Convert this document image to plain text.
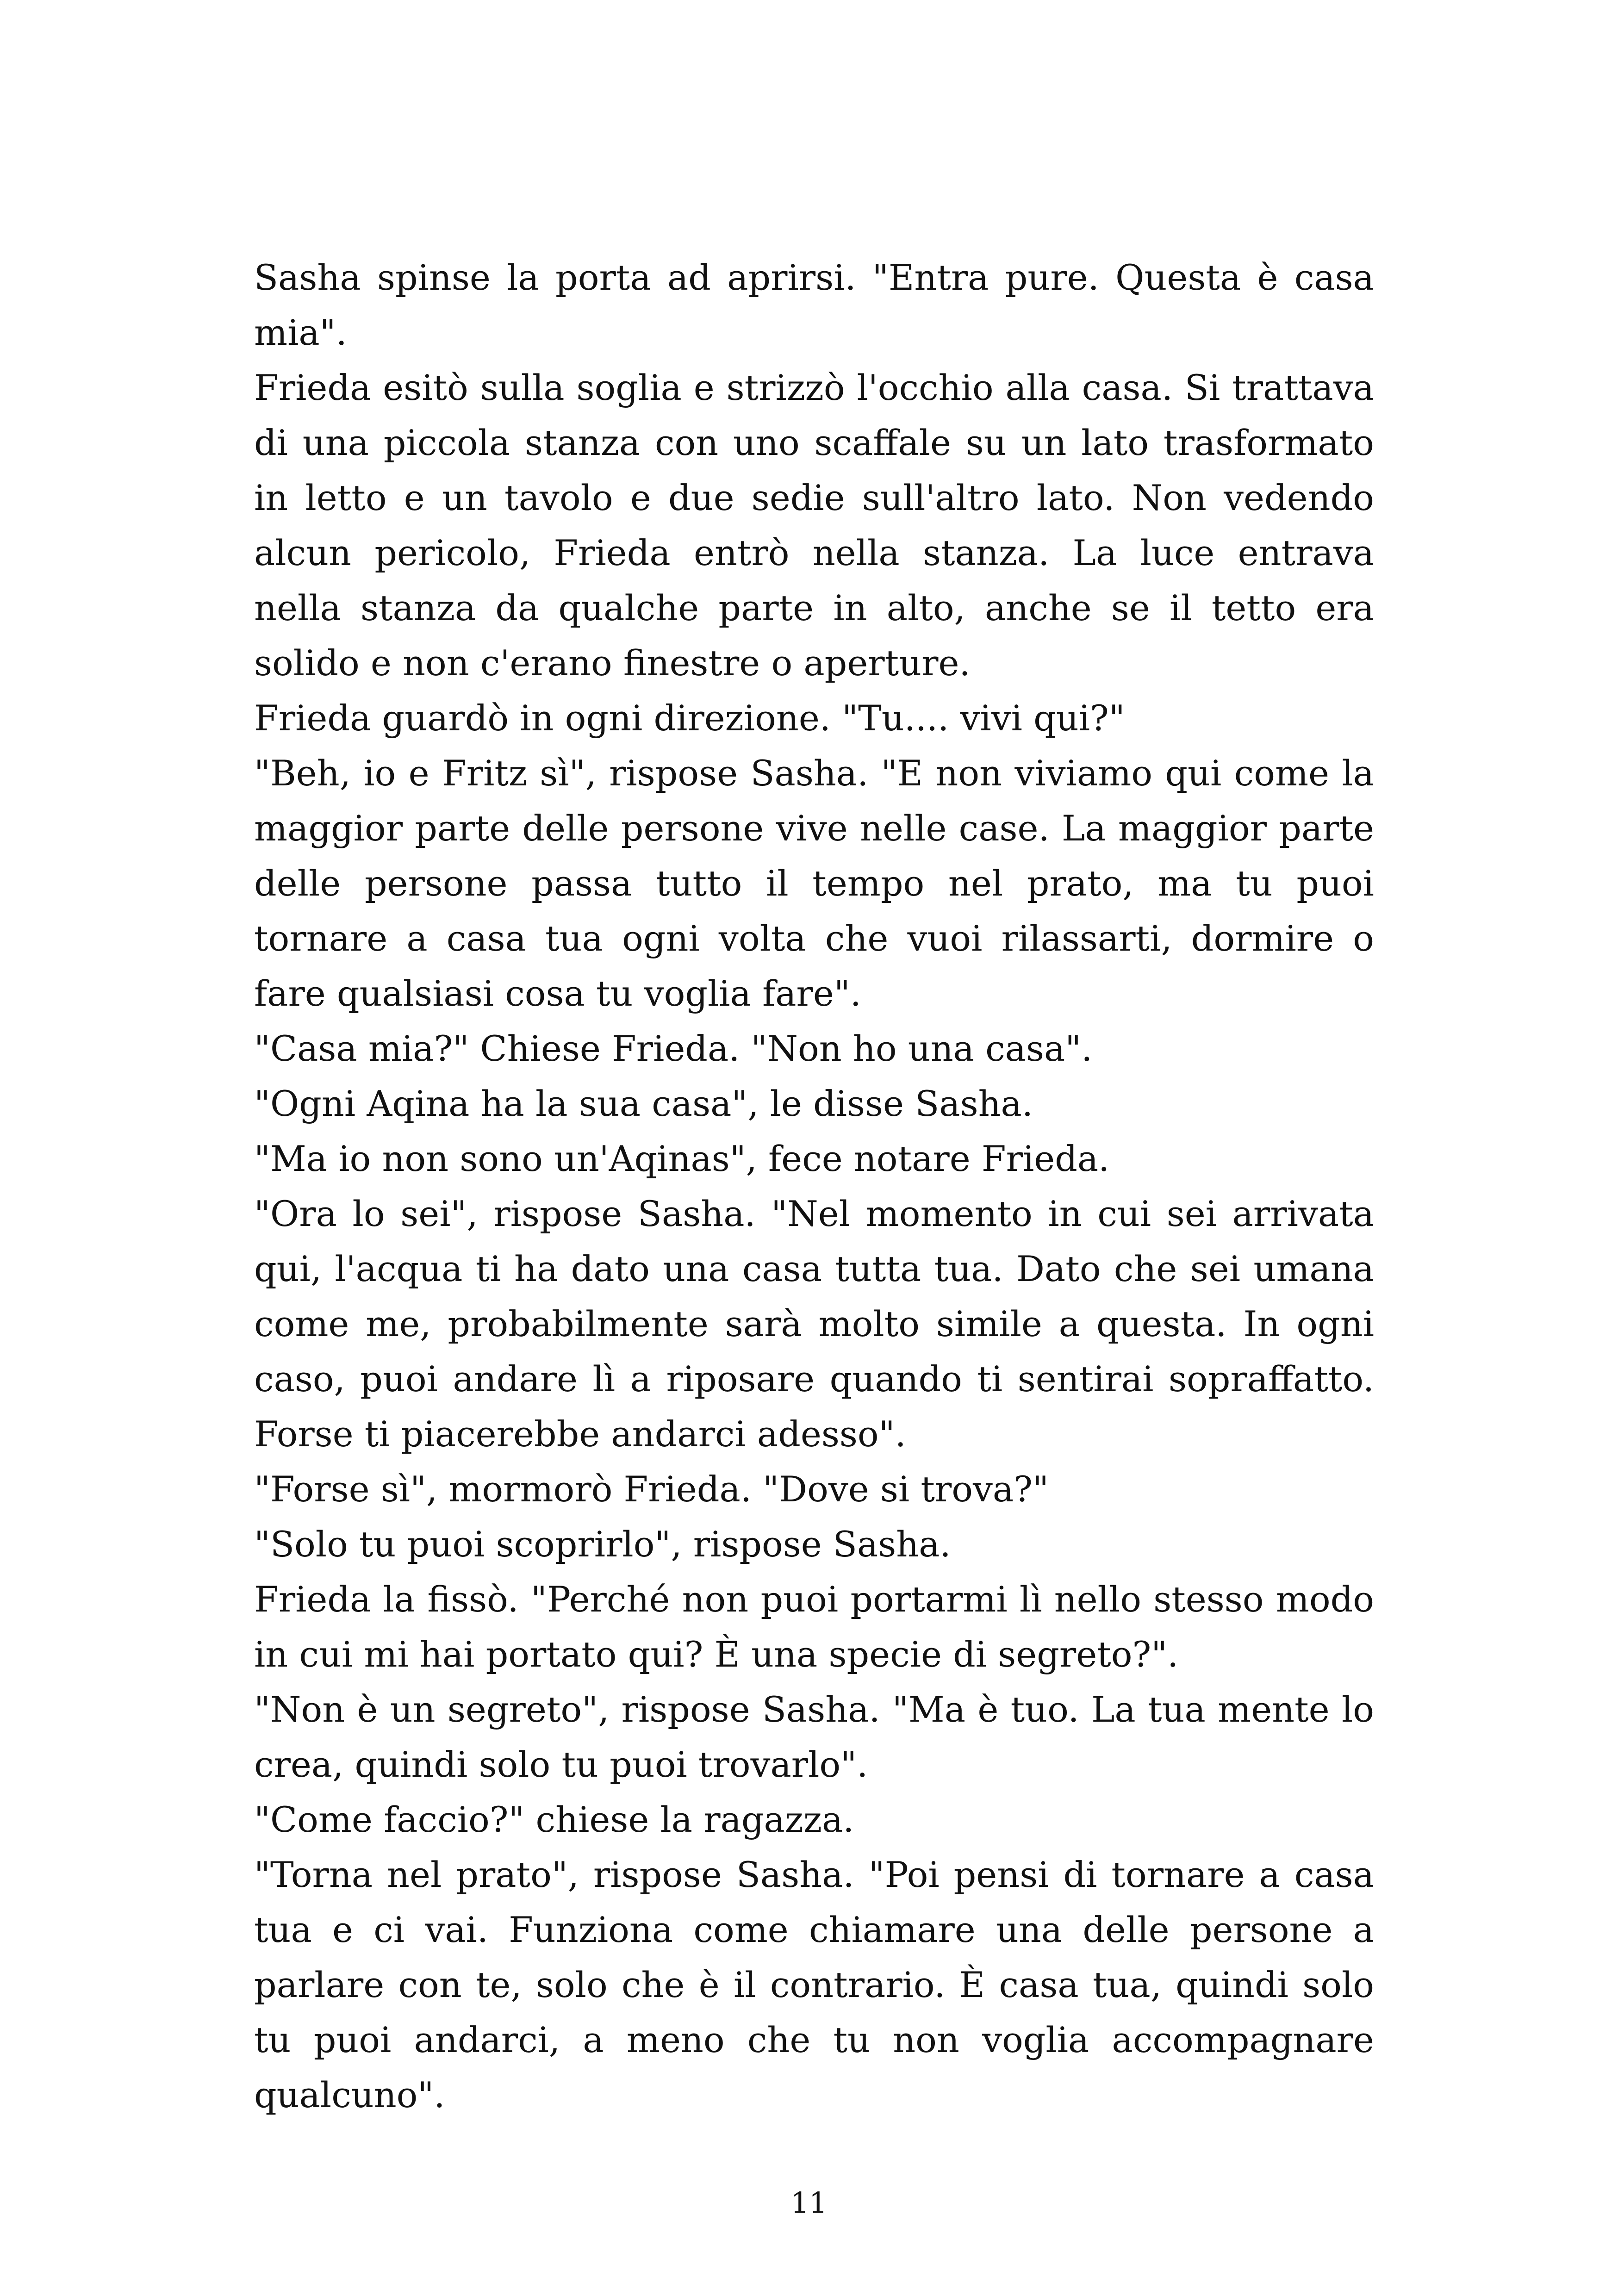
Sasha spinse la porta ad aprirsi. "Entra pure. Questa è casa mia".

Frieda esitò sulla soglia e strizzò l'occhio alla casa. Si trattava di una piccola stanza con uno scaffale su un lato trasformato in letto e un tavolo e due sedie sull'altro lato. Non vedendo alcun pericolo, Frieda entrò nella stanza. La luce entrava nella stanza da qualche parte in alto, anche se il tetto era solido e non c'erano finestre o aperture.

Frieda guardò in ogni direzione. "Tu.... vivi qui?"

"Beh, io e Fritz sì", rispose Sasha. "E non viviamo qui come la maggior parte delle persone vive nelle case. La maggior parte delle persone passa tutto il tempo nel prato, ma tu puoi tornare a casa tua ogni volta che vuoi rilassarti, dormire o fare qualsiasi cosa tu voglia fare".

"Casa mia?" Chiese Frieda. "Non ho una casa".

"Ogni Aqina ha la sua casa", le disse Sasha.

"Ma io non sono un'Aqinas", fece notare Frieda.

"Ora lo sei", rispose Sasha. "Nel momento in cui sei arrivata qui, l'acqua ti ha dato una casa tutta tua. Dato che sei umana come me, probabilmente sarà molto simile a questa. In ogni caso, puoi andare lì a riposare quando ti sentirai sopraffatto. Forse ti piacerebbe andarci adesso".

"Forse sì", mormorò Frieda. "Dove si trova?"

"Solo tu puoi scoprirlo", rispose Sasha.

Frieda la fissò. "Perché non puoi portarmi lì nello stesso modo in cui mi hai portato qui? È una specie di segreto?".

"Non è un segreto", rispose Sasha. "Ma è tuo. La tua mente lo crea, quindi solo tu puoi trovarlo".

"Come faccio?" chiese la ragazza.

"Torna nel prato", rispose Sasha. "Poi pensi di tornare a casa tua e ci vai. Funziona come chiamare una delle persone a parlare con te, solo che è il contrario. È casa tua, quindi solo tu puoi andarci, a meno che tu non voglia accompagnare qualcuno".

11
